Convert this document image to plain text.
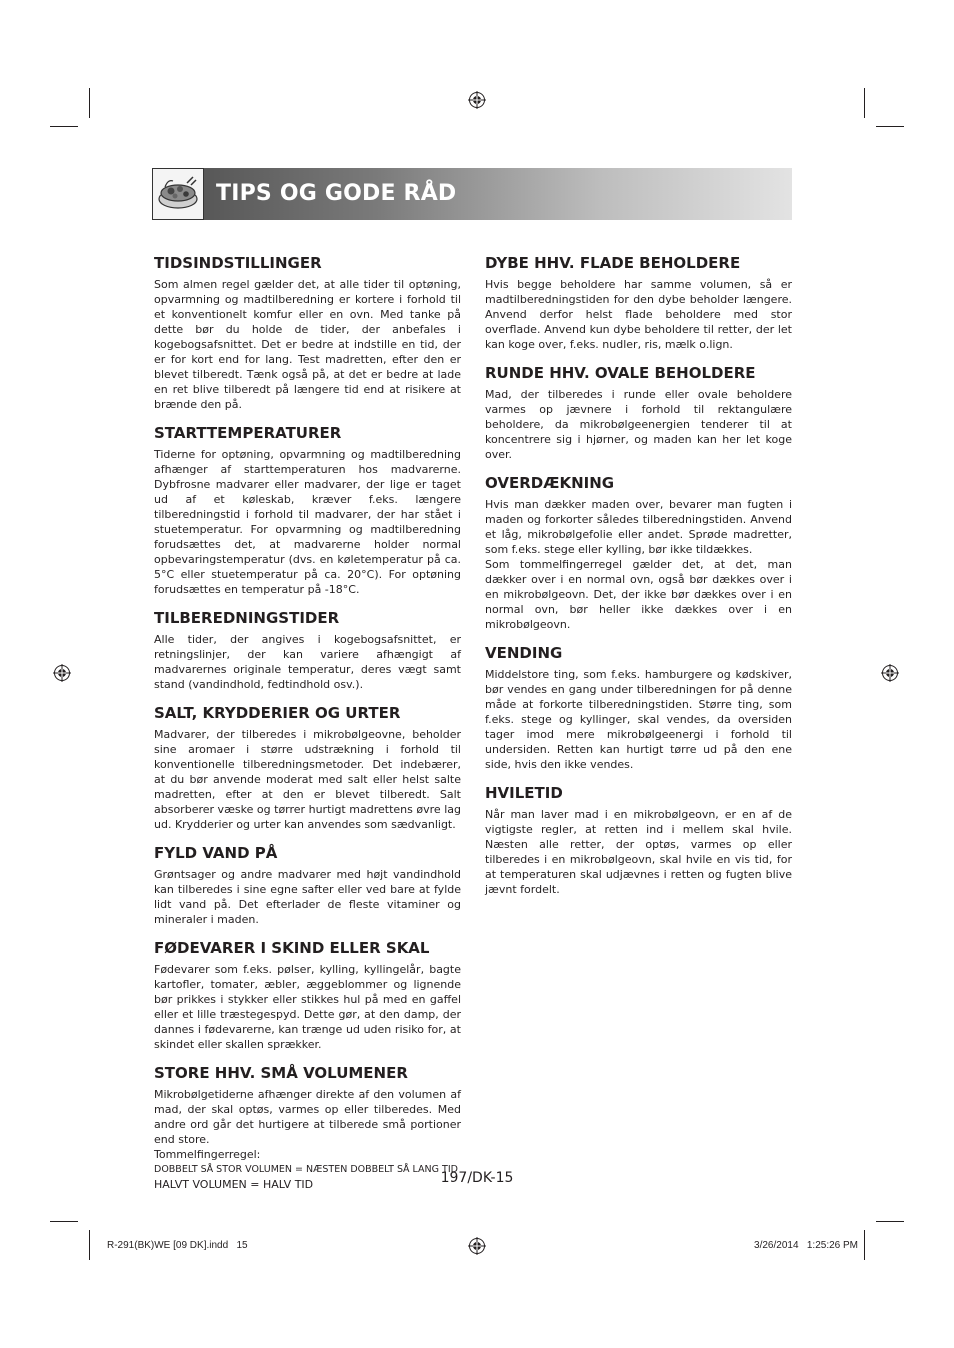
TIPS OG GODE RÅD
TIDSINDSTILLINGER

Som almen regel gælder det, at alle tider til optøning, opvarmning og madtilberedning er kortere i forhold til et konventionelt komfur eller en ovn. Med tanke på dette bør du holde de tider, der anbefales i kogebogsafsnittet. Det er bedre at indstille en tid, der er for kort end for lang. Test madretten, efter den er blevet tilberedt. Tænk også på, at det er bedre at lade en ret blive tilberedt på længere tid end at risikere at brænde den på.

STARTTEMPERATURER

Tiderne for optøning, opvarmning og madtilberedning afhænger af starttemperaturen hos madvarerne. Dybfrosne madvarer eller madvarer, der lige er taget ud af et køleskab, kræver f.eks. længere tilberedningstid i forhold til madvarer, der har stået i stuetemperatur. For opvarmning og madtilberedning forudsættes det, at madvarerne holder normal opbevaringstemperatur (dvs. en køletemperatur på ca. 5°C eller stuetemperatur på ca. 20°C). For optøning forudsættes en temperatur på -18°C.

TILBEREDNINGSTIDER

Alle tider, der angives i kogebogsafsnittet, er retningslinjer, der kan variere afhængigt af madvarernes originale temperatur, deres vægt samt stand (vandindhold, fedtindhold osv.).

SALT, KRYDDERIER OG URTER

Madvarer, der tilberedes i mikrobølgeovne, beholder sine aromaer i større udstrækning i forhold til konventionelle tilberedningsmetoder. Det indebærer, at du bør anvende moderat med salt eller helst salte madretten, efter at den er blevet tilberedt. Salt absorberer væske og tørrer hurtigt madrettens øvre lag ud. Krydderier og urter kan anvendes som sædvanligt.

FYLD VAND PÅ

Grøntsager og andre madvarer med højt vandindhold kan tilberedes i sine egne safter eller ved bare at fylde lidt vand på. Det efterlader de fleste vitaminer og mineraler i maden.

FØDEVARER I SKIND ELLER SKAL

Fødevarer som f.eks. pølser, kylling, kyllingelår, bagte kartofler, tomater, æbler, æggeblommer og lignende bør prikkes i stykker eller stikkes hul på med en gaffel eller et lille træstegespyd. Dette gør, at den damp, der dannes i fødevarerne, kan trænge ud uden risiko for, at skindet eller skallen sprækker.

STORE HHV. SMÅ VOLUMENER

Mikrobølgetiderne afhænger direkte af den volumen af mad, der skal optøs, varmes op eller tilberedes. Med andre ord går det hurtigere at tilberede små portioner end store.

Tommelfingerregel:

DOBBELT SÅ STOR VOLUMEN = NÆSTEN DOBBELT SÅ LANG TID

HALVT VOLUMEN = HALV TID

DYBE HHV. FLADE BEHOLDERE

Hvis begge beholdere har samme volumen, så er madtilberedningstiden for den dybe beholder længere. Anvend derfor helst flade beholdere med stor overflade. Anvend kun dybe beholdere til retter, der let kan koge over, f.eks. nudler, ris, mælk o.lign.

RUNDE HHV. OVALE BEHOLDERE

Mad, der tilberedes i runde eller ovale beholdere varmes op jævnere i forhold til rektangulære beholdere, da mikrobølgeenergien tenderer til at koncentrere sig i hjørner, og maden kan her let koge over.

OVERDÆKNING

Hvis man dækker maden over, bevarer man fugten i maden og forkorter således tilberedningstiden. Anvend et låg, mikrobølgefolie eller andet. Sprøde madretter, som f.eks. stege eller kylling, bør ikke tildækkes.

Som tommelfingerregel gælder det, at det, man dækker over i en normal ovn, også bør dækkes over i en mikrobølgeovn. Det, der ikke bør dækkes over i en normal ovn, bør heller ikke dækkes over i en mikrobølgeovn.

VENDING

Middelstore ting, som f.eks. hamburgere og kødskiver, bør vendes en gang under tilberedningen for på denne måde at forkorte tilberedningstiden. Større ting, som f.eks. stege og kyllinger, skal vendes, da oversiden tager imod mere mikrobølgeenergi i forhold til undersiden. Retten kan hurtigt tørre ud på den ene side, hvis den ikke vendes.

HVILETID

Når man laver mad i en mikrobølgeovn, er en af de vigtigste regler, at retten ind i mellem skal hvile. Næsten alle retter, der optøs, varmes op eller tilberedes i en mikrobølgeovn, skal hvile en vis tid, for at temperaturen skal udjævnes i retten og fugten blive jævnt fordelt.

197/DK-15

R-291(BK)WE [09 DK].indd   15	3/26/2014   1:25:26 PM
